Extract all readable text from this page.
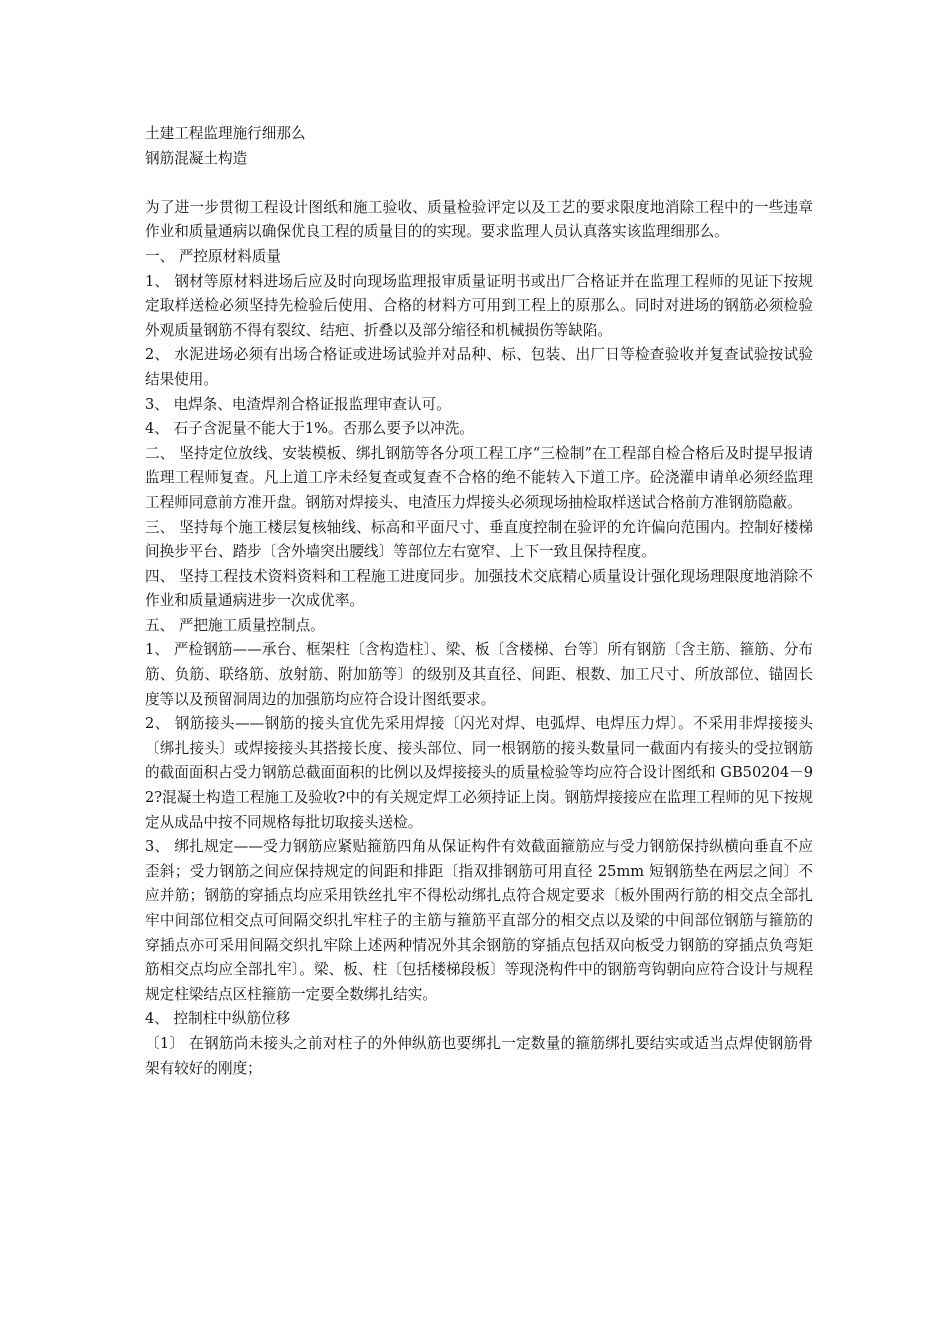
土建工程监理施行细那么

钢筋混凝土构造

为了进一步贯彻工程设计图纸和施工验收、质量检验评定以及工艺的要求限度地消除工程中的一些违章作业和质量通病以确保优良工程的质量目的的实现。要求监理人员认真落实该监理细那么。

一、 严控原材料质量

1、 钢材等原材料进场后应及时向现场监理报审质量证明书或出厂合格证并在监理工程师的见证下按规定取样送检必须坚持先检验后使用、合格的材料方可用到工程上的原那么。同时对进场的钢筋必须检验外观质量钢筋不得有裂纹、结疤、折叠以及部分缩径和机械损伤等缺陷。

2、 水泥进场必须有出场合格证或进场试验并对品种、标、包装、出厂日等检查验收并复查试验按试验结果使用。

3、 电焊条、电渣焊剂合格证报监理审查认可。

4、 石子含泥量不能大于1%。否那么要予以冲洗。

二、 坚持定位放线、安装模板、绑扎钢筋等各分项工程工序“三检制”在工程部自检合格后及时提早报请监理工程师复查。凡上道工序未经复查或复查不合格的绝不能转入下道工序。砼浇灌申请单必须经监理工程师同意前方准开盘。钢筋对焊接头、电渣压力焊接头必须现场抽检取样送试合格前方准钢筋隐蔽。

三、 坚持每个施工楼层复核轴线、标高和平面尺寸、垂直度控制在验评的允许偏向范围内。控制好楼梯间换步平台、踏步〔含外墙突出腰线〕等部位左右宽窄、上下一致且保持程度。

四、 坚持工程技术资料资料和工程施工进度同步。加强技术交底精心质量设计强化现场理限度地消除不作业和质量通病进步一次成优率。

五、 严把施工质量控制点。

1、 严检钢筋——承台、框架柱〔含构造柱〕、梁、板〔含楼梯、台等〕所有钢筋〔含主筋、箍筋、分布筋、负筋、联络筋、放射筋、附加筋等〕的级别及其直径、间距、根数、加工尺寸、所放部位、锚固长度等以及预留洞周边的加强筋均应符合设计图纸要求。

2、 钢筋接头——钢筋的接头宜优先采用焊接〔闪光对焊、电弧焊、电焊压力焊〕。不采用非焊接接头〔绑扎接头〕或焊接接头其搭接长度、接头部位、同一根钢筋的接头数量同一截面内有接头的受拉钢筋的截面面积占受力钢筋总截面面积的比例以及焊接接头的质量检验等均应符合设计图纸和 GB50204－92?混凝土构造工程施工及验收?中的有关规定焊工必须持证上岗。钢筋焊接接应在监理工程师的见下按规定从成品中按不同规格每批切取接头送检。

3、 绑扎规定——受力钢筋应紧贴箍筋四角从保证构件有效截面箍筋应与受力钢筋保持纵横向垂直不应歪斜；受力钢筋之间应保持规定的间距和排距〔指双排钢筋可用直径 25mm 短钢筋垫在两层之间〕不应并筋；钢筋的穿插点均应采用铁丝扎牢不得松动绑扎点符合规定要求〔板外围两行筋的相交点全部扎牢中间部位相交点可间隔交织扎牢柱子的主筋与箍筋平直部分的相交点以及梁的中间部位钢筋与箍筋的穿插点亦可采用间隔交织扎牢除上述两种情况外其余钢筋的穿插点包括双向板受力钢筋的穿插点负弯矩筋相交点均应全部扎牢〕。梁、板、柱〔包括楼梯段板〕等现浇构件中的钢筋弯钩朝向应符合设计与规程规定柱梁结点区柱箍筋一定要全数绑扎结实。

4、 控制柱中纵筋位移

〔1〕 在钢筋尚未接头之前对柱子的外伸纵筋也要绑扎一定数量的箍筋绑扎要结实或适当点焊使钢筋骨架有较好的刚度；
